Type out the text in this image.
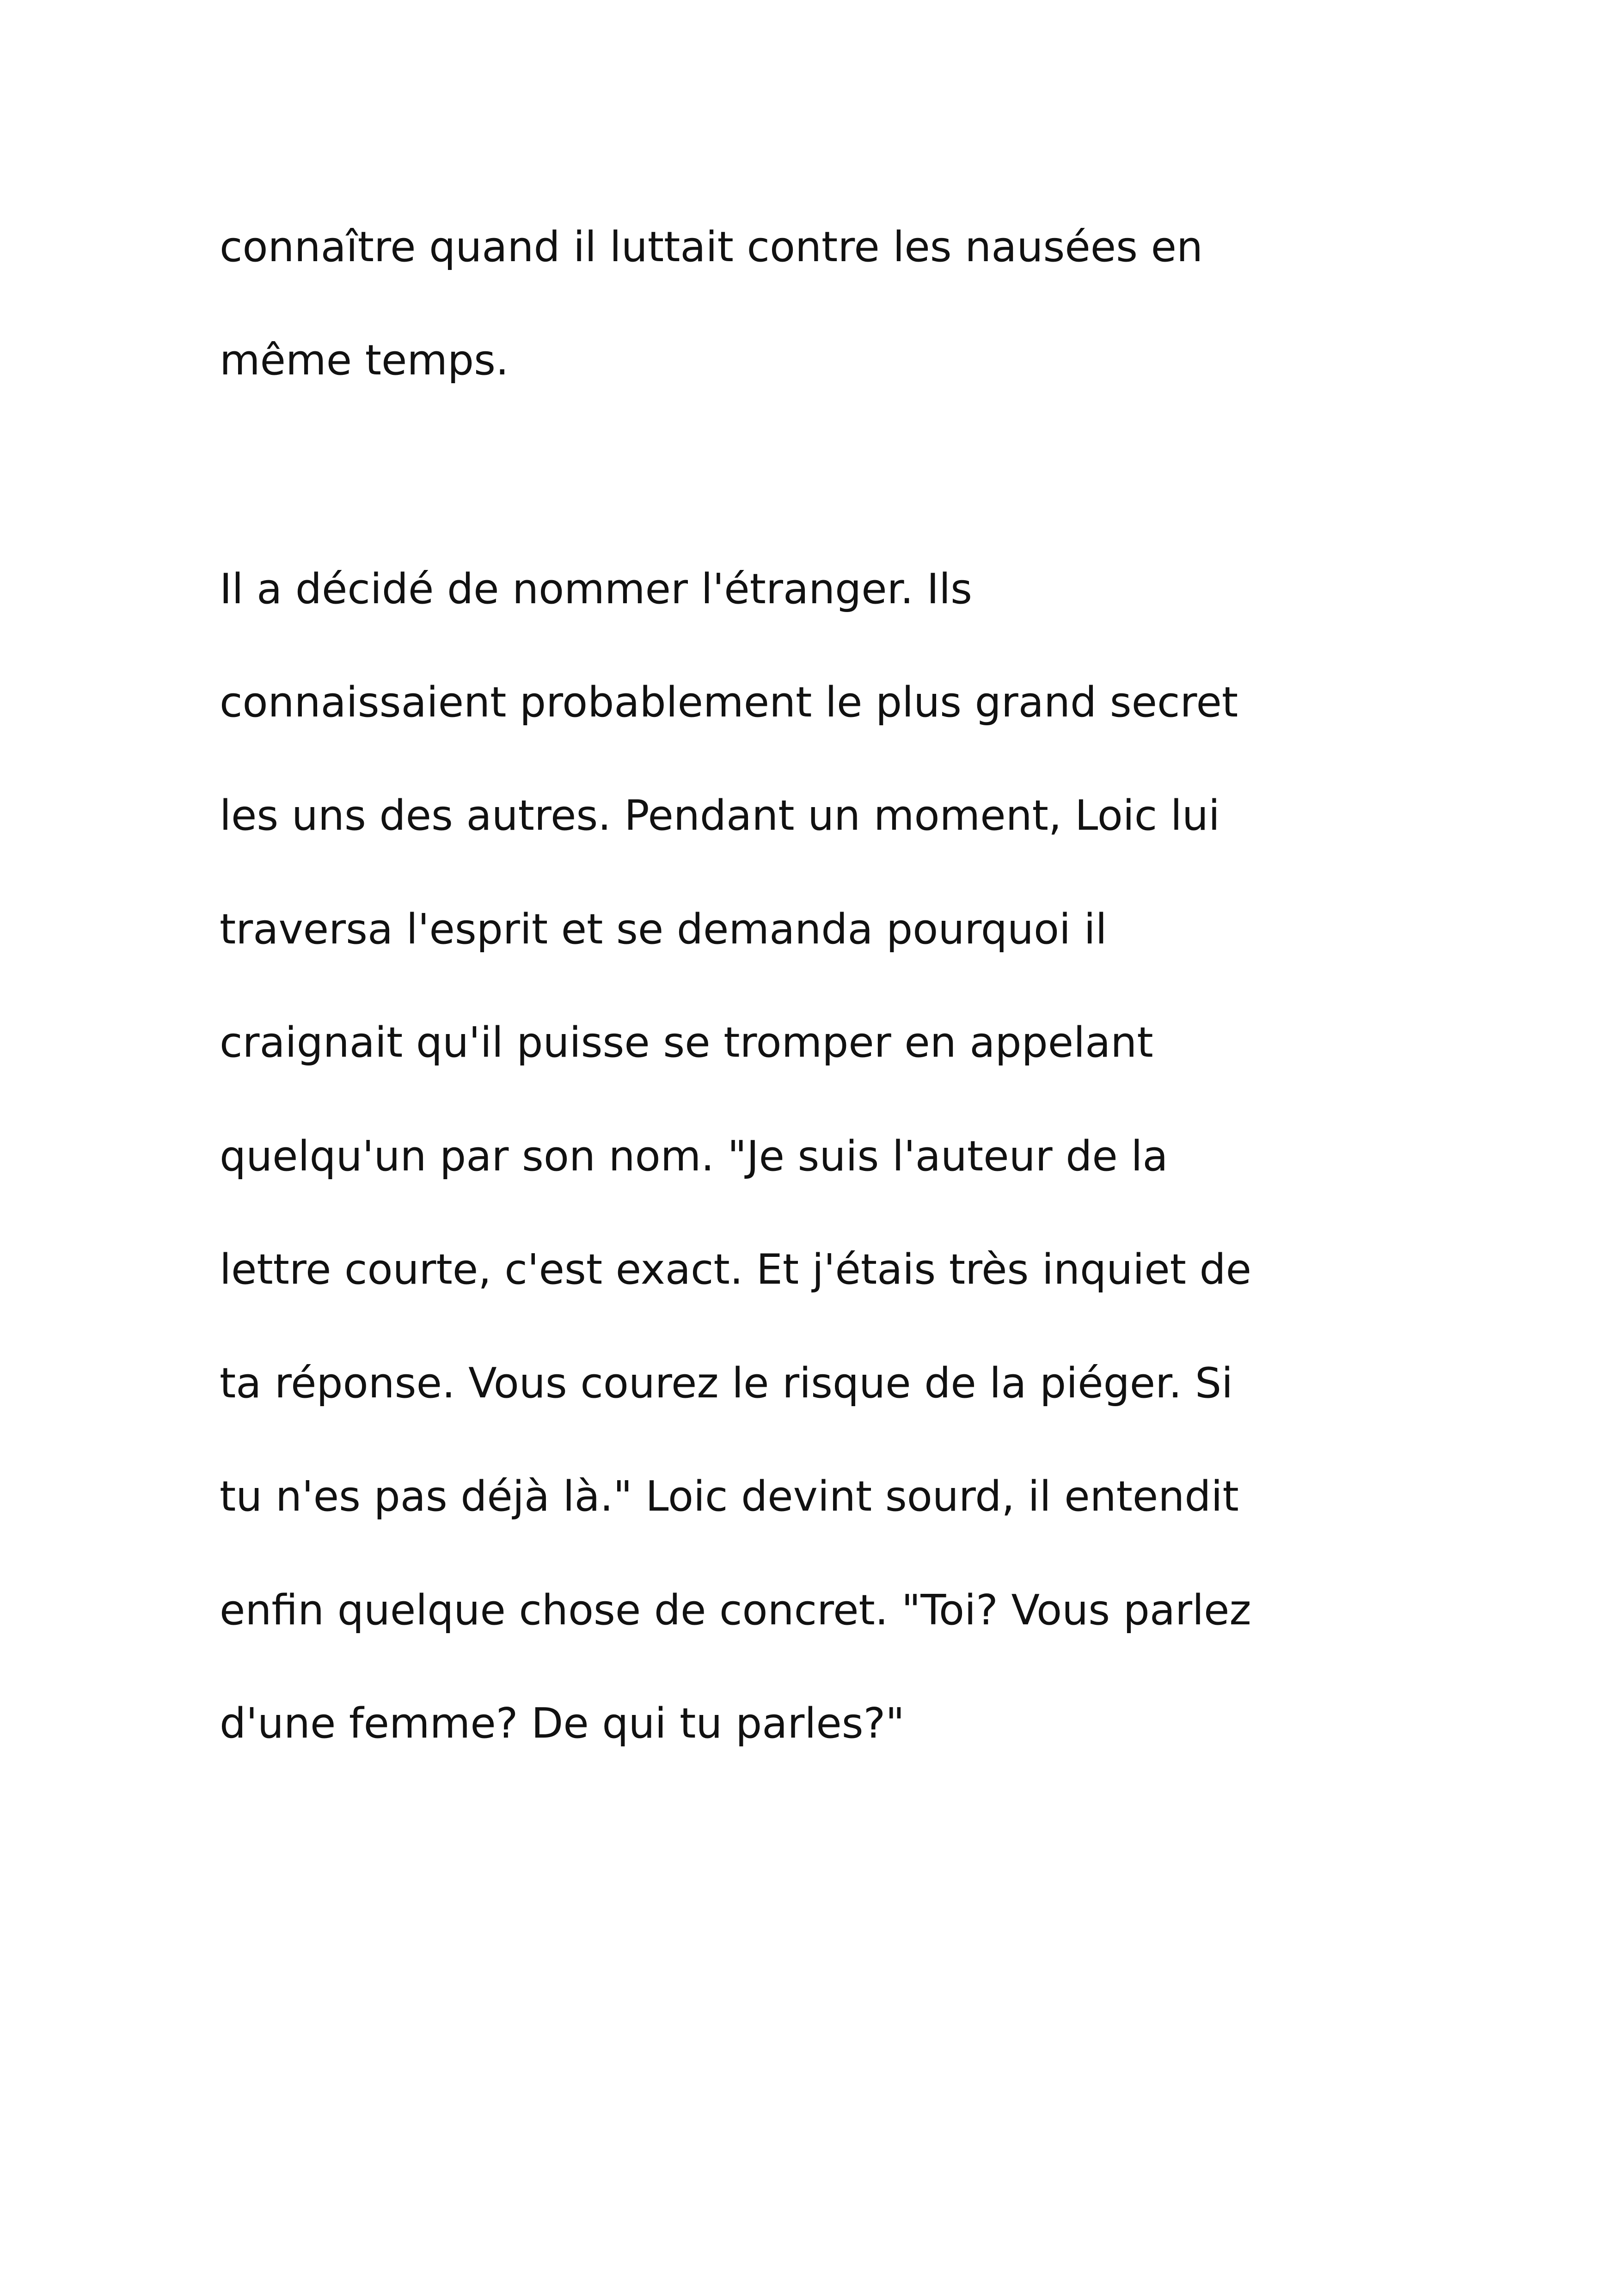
connaître quand il luttait contre les nausées en
même temps.
Il a décidé de nommer l'étranger. Ils
connaissaient probablement le plus grand secret
les uns des autres. Pendant un moment, Loic lui
traversa l'esprit et se demanda pourquoi il
craignait qu'il puisse se tromper en appelant
quelqu'un par son nom. "Je suis l'auteur de la
lettre courte, c'est exact. Et j'étais très inquiet de
ta réponse. Vous courez le risque de la piéger. Si
tu n'es pas déjà là." Loic devint sourd, il entendit
enfin quelque chose de concret. "Toi? Vous parlez
d'une femme? De qui tu parles?"
